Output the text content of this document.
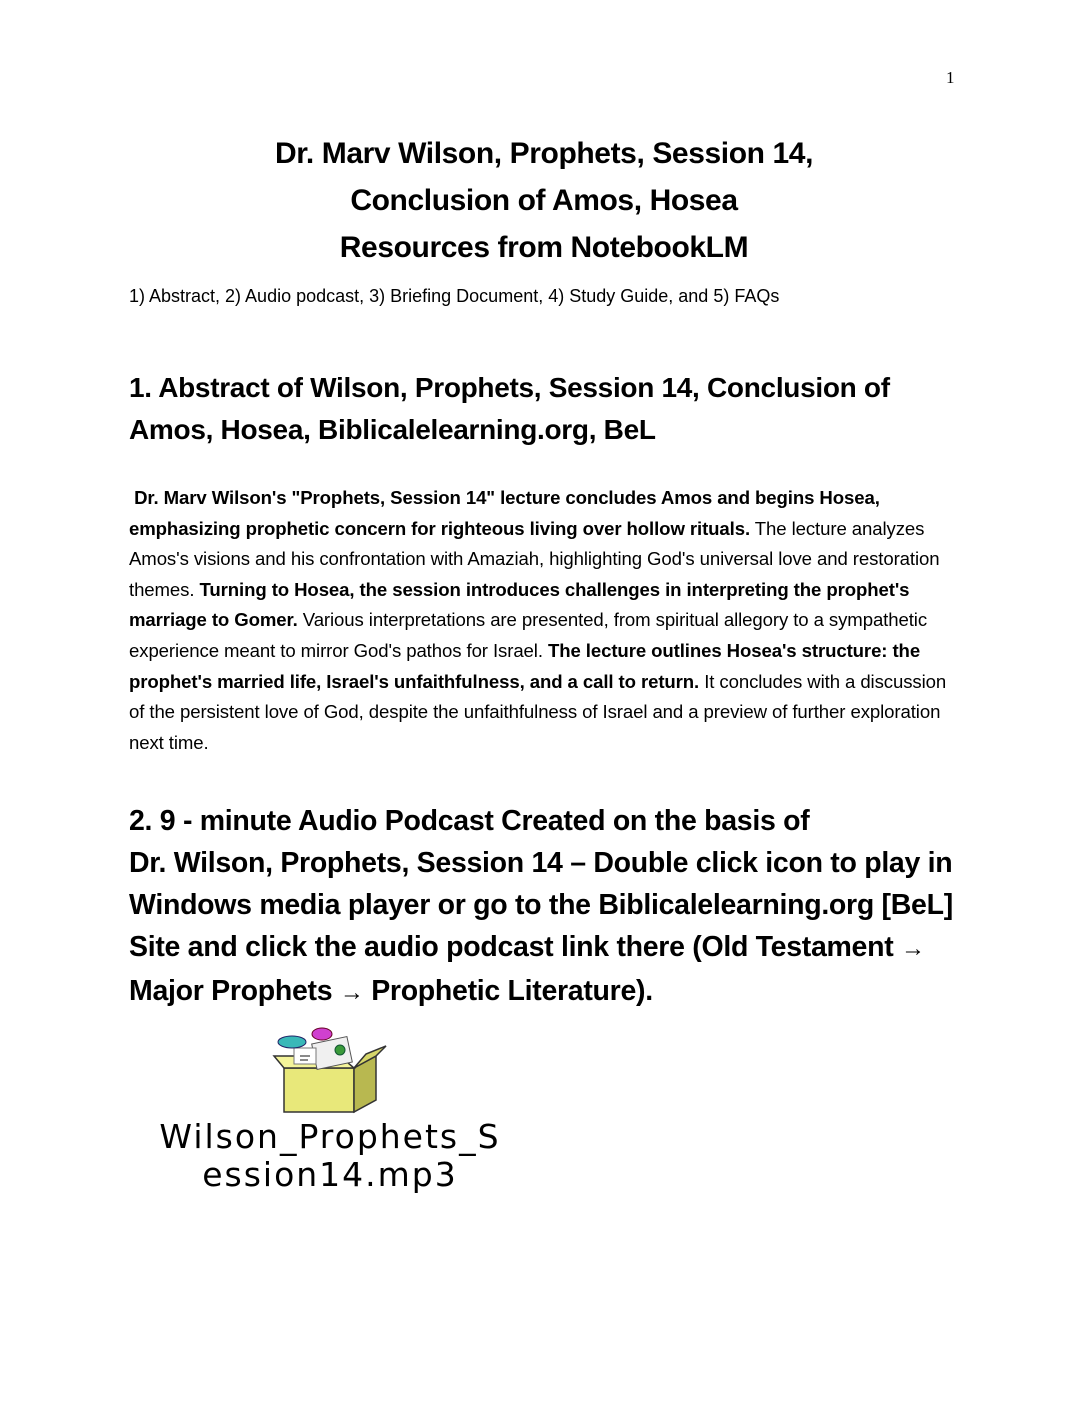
1
Dr. Marv Wilson, Prophets, Session 14,
Conclusion of Amos, Hosea
Resources from NotebookLM
1) Abstract, 2) Audio podcast, 3) Briefing Document, 4) Study Guide, and 5) FAQs
1. Abstract of Wilson, Prophets, Session 14, Conclusion of Amos, Hosea, Biblicalelearning.org, BeL
Dr. Marv Wilson's "Prophets, Session 14" lecture concludes Amos and begins Hosea, emphasizing prophetic concern for righteous living over hollow rituals. The lecture analyzes Amos's visions and his confrontation with Amaziah, highlighting God's universal love and restoration themes. Turning to Hosea, the session introduces challenges in interpreting the prophet's marriage to Gomer. Various interpretations are presented, from spiritual allegory to a sympathetic experience meant to mirror God's pathos for Israel. The lecture outlines Hosea's structure: the prophet's married life, Israel's unfaithfulness, and a call to return. It concludes with a discussion of the persistent love of God, despite the unfaithfulness of Israel and a preview of further exploration next time.
2. 9 - minute Audio Podcast Created on the basis of
Dr. Wilson, Prophets, Session 14 – Double click icon to play in
Windows media player or go to the Biblicalelearning.org [BeL]
Site and click the audio podcast link there (Old Testament →
Major Prophets → Prophetic Literature).
Wilson_Prophets_S
ession14.mp3
